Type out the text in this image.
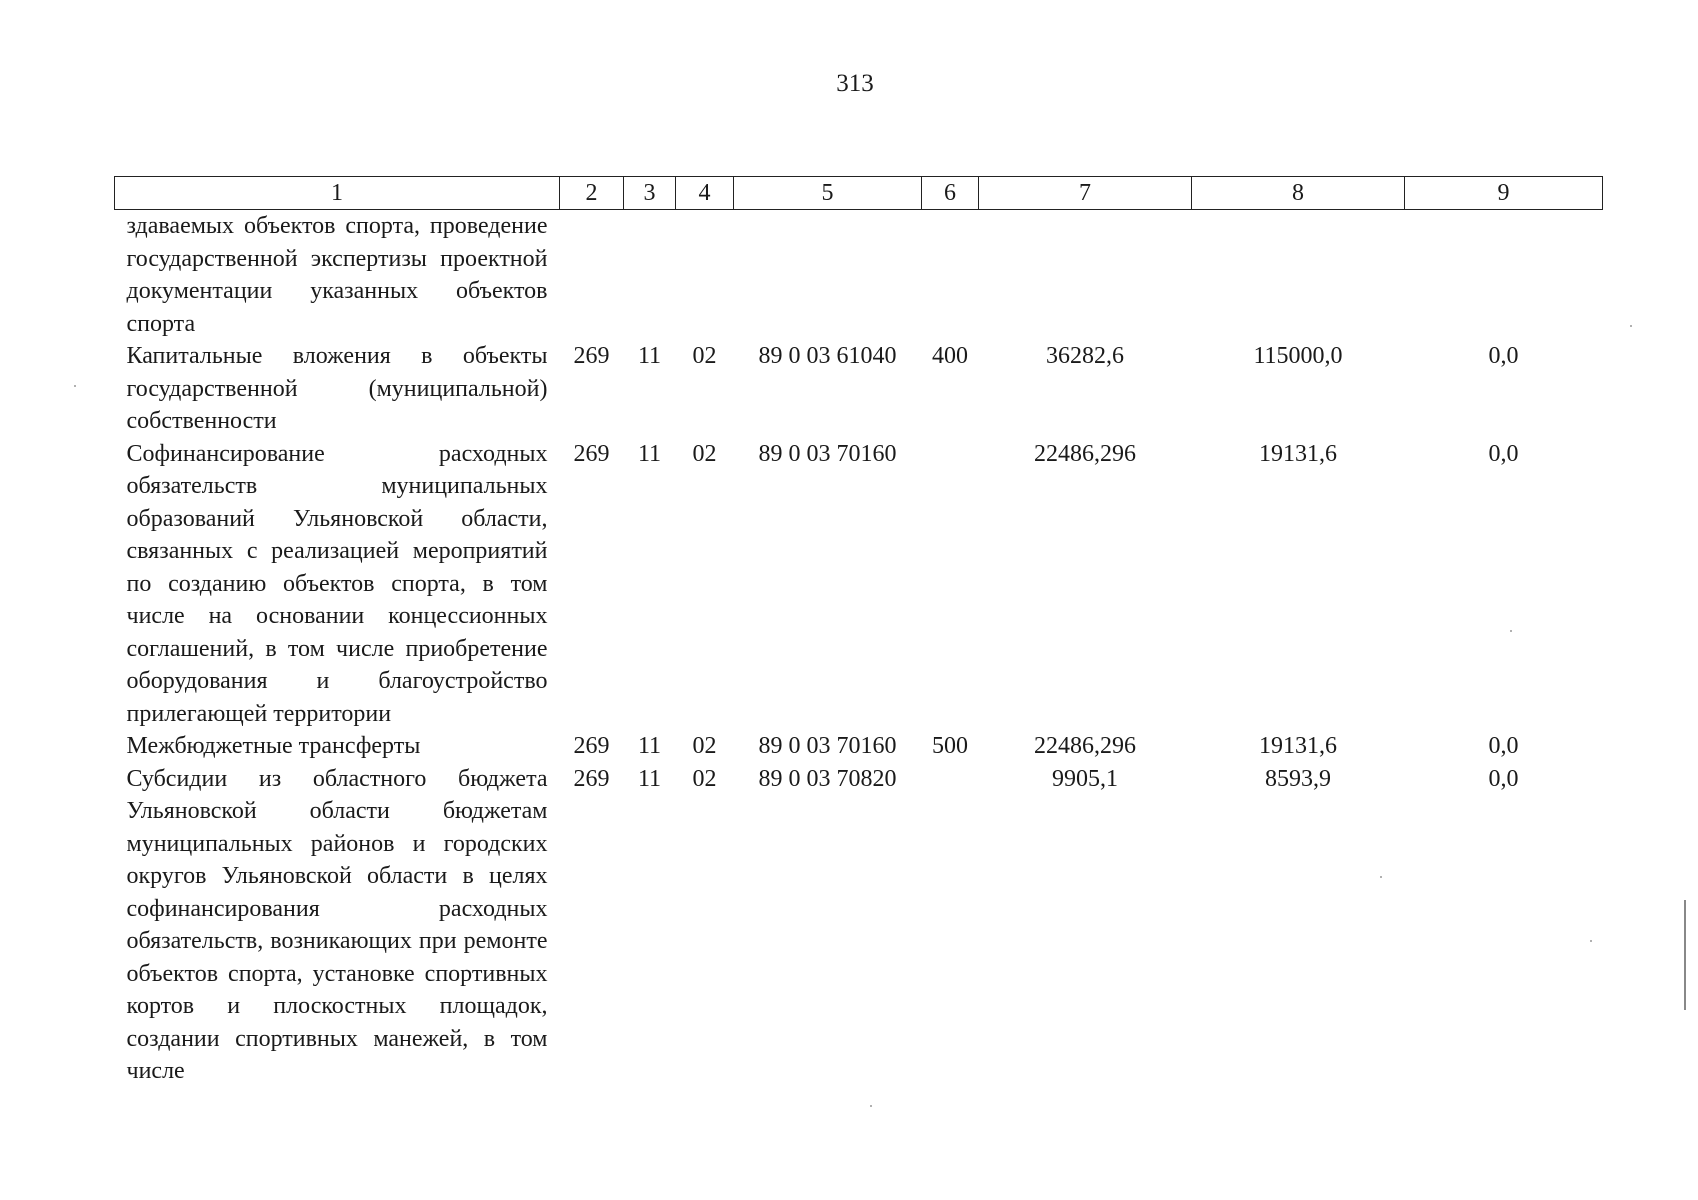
313
1	2	3	4	5	6	7	8	9
здаваемых объектов спорта, проведение государственной экспертизы проектной документации указанных объектов спорта								
Капитальные вложения в объекты государственной (муниципальной) собственности	269	11	02	89 0 03 61040	400	36282,6	115000,0	0,0
Софинансирование расходных обязательств муниципальных образований Ульяновской области, связанных с реализацией мероприятий по созданию объектов спорта, в том числе на основании концессионных соглашений, в том числе приобретение оборудования и благоустройство прилегающей территории	269	11	02	89 0 03 70160		22486,296	19131,6	0,0
Межбюджетные трансферты	269	11	02	89 0 03 70160	500	22486,296	19131,6	0,0
Субсидии из областного бюджета Ульяновской области бюджетам муниципальных районов и городских округов Ульяновской области в целях софинансирования расходных обязательств, возникающих при ремонте объектов спорта, установке спортивных кортов и плоскостных площадок, создании спортивных манежей, в том числе	269	11	02	89 0 03 70820		9905,1	8593,9	0,0
